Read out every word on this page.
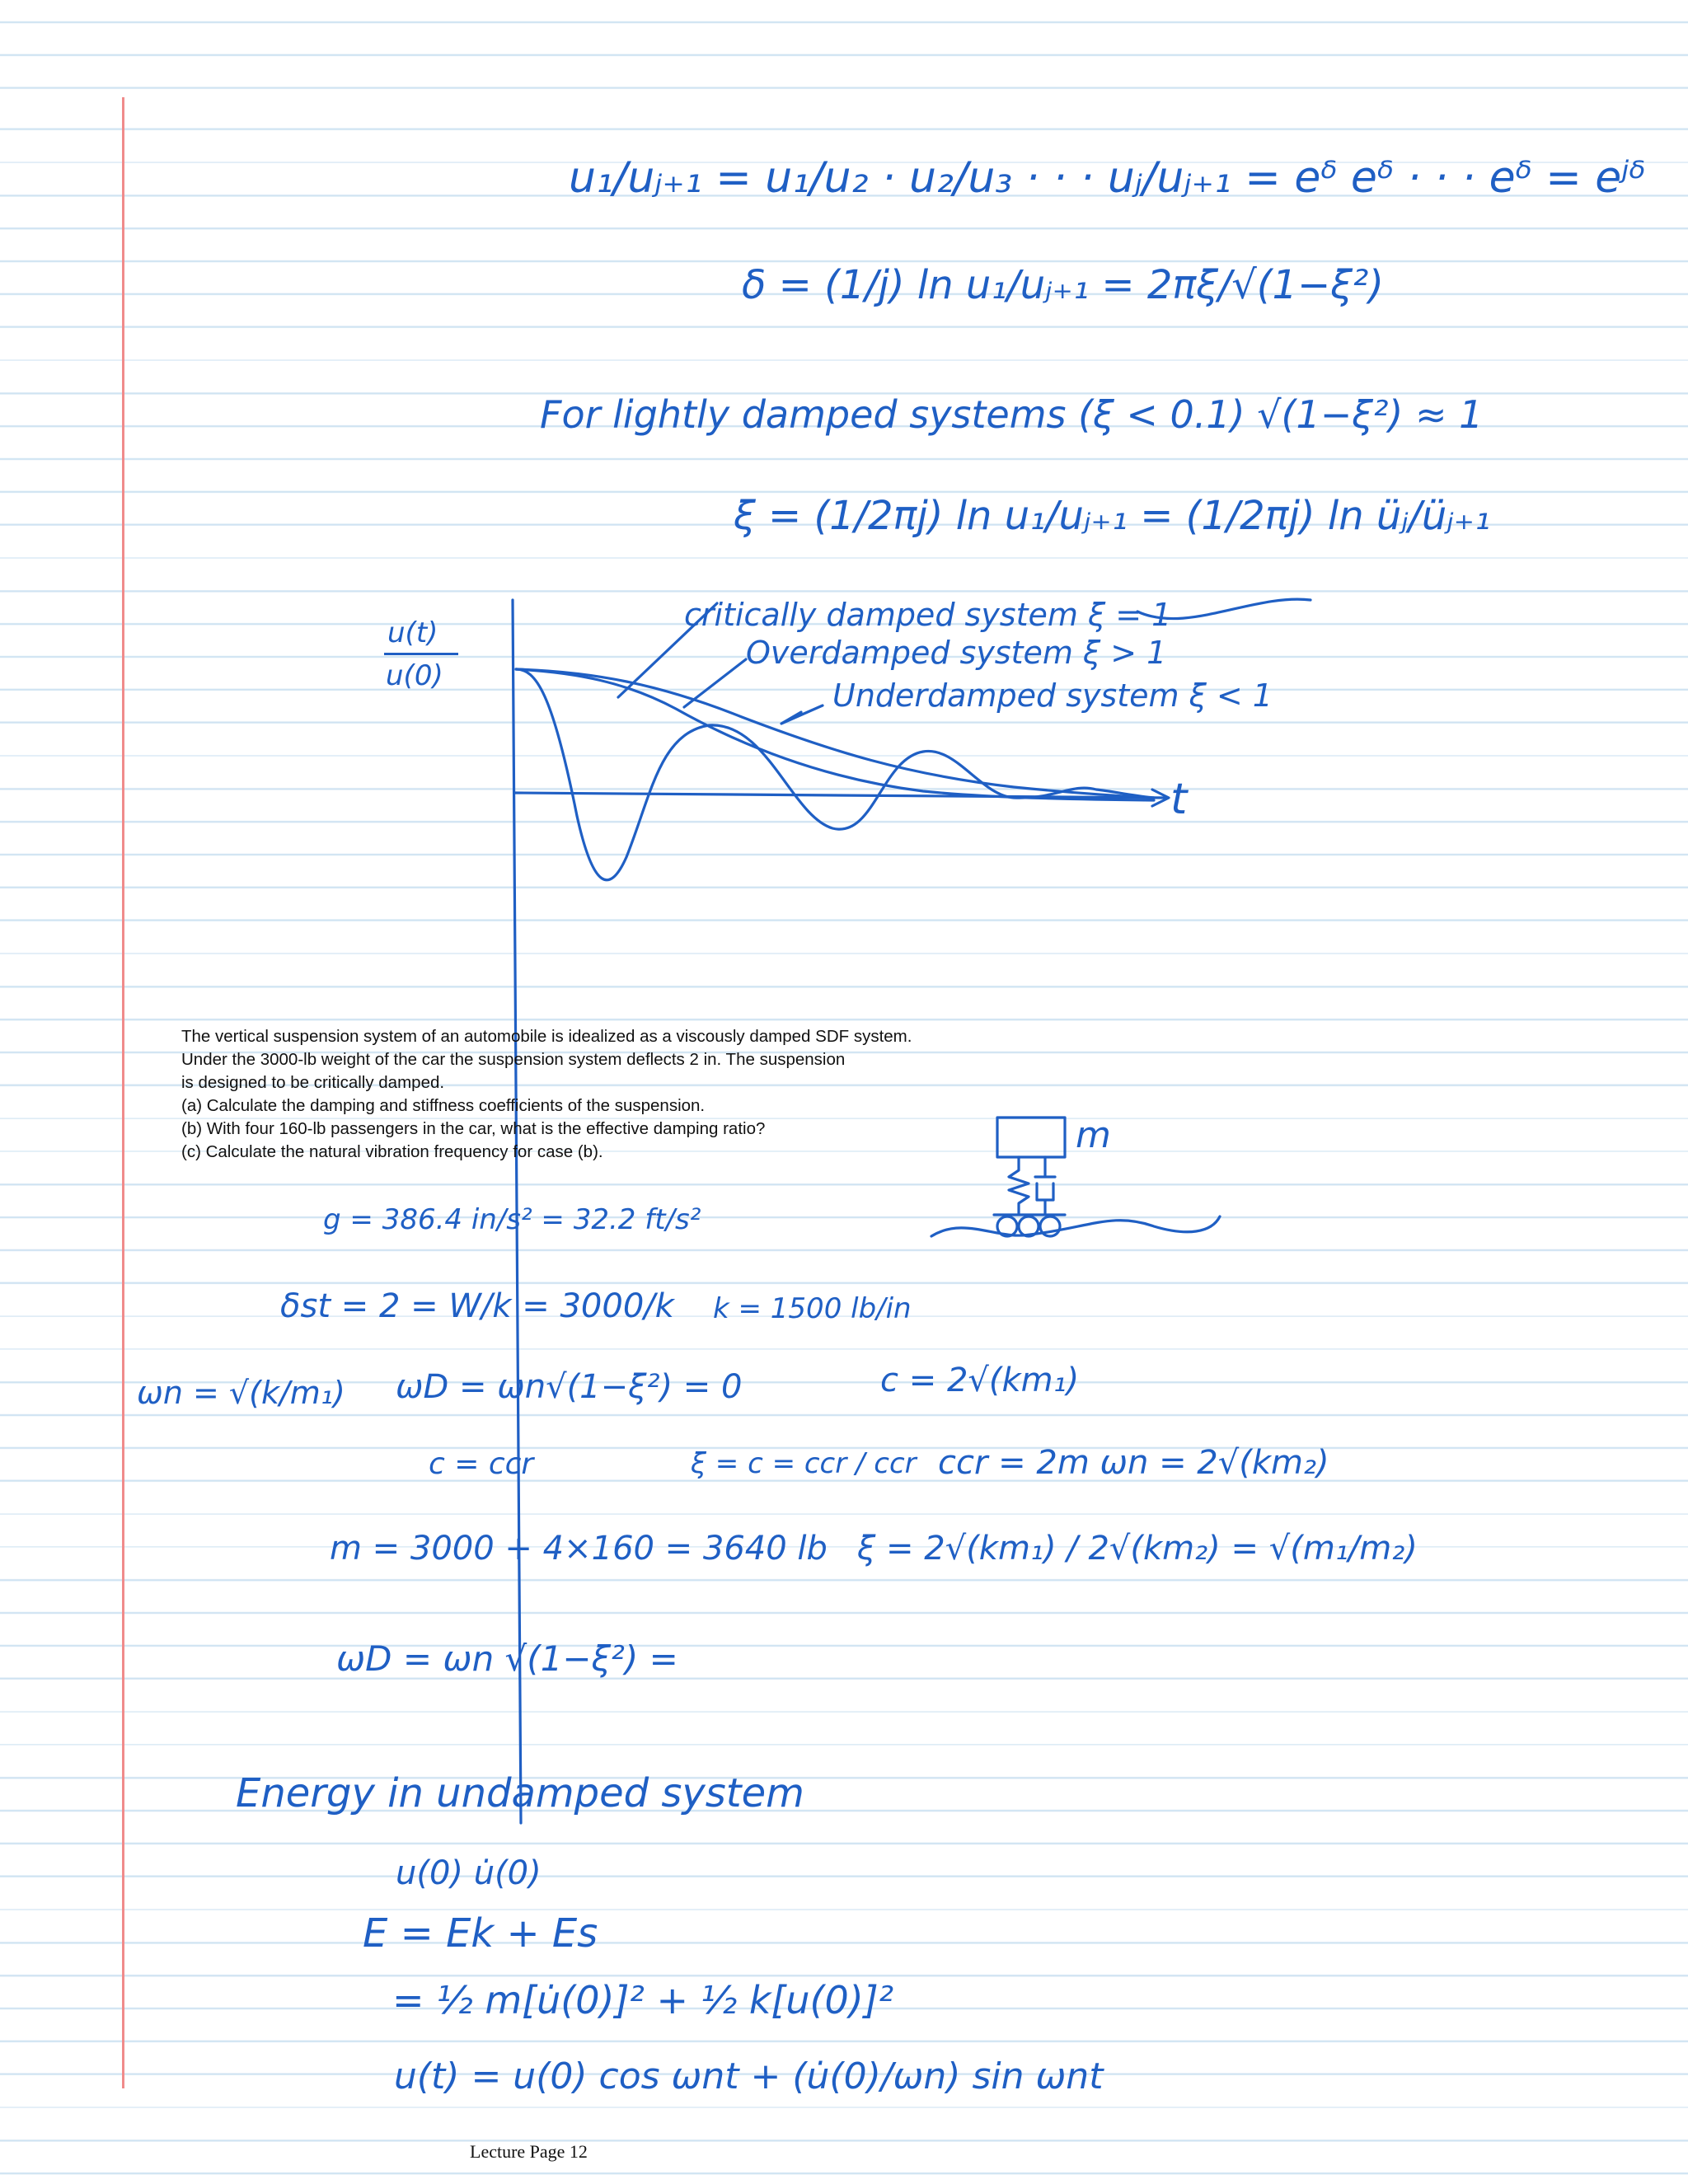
u₁/uⱼ₊₁ = u₁/u₂ · u₂/u₃ · · · uⱼ/uⱼ₊₁ = eᵟ eᵟ · · · eᵟ = eʲᵟ
δ = (1/j) ln u₁/uⱼ₊₁ = 2πξ/√(1−ξ²)
For lightly damped systems (ξ < 0.1) √(1−ξ²) ≈ 1
ξ = (1/2πj) ln u₁/uⱼ₊₁ = (1/2πj) ln üⱼ/üⱼ₊₁
u(t)
u(0)
t
critically damped system ξ = 1
Overdamped system ξ > 1
Underdamped system ξ < 1
The vertical suspension system of an automobile is idealized as a viscously damped SDF system.
Under the 3000-lb weight of the car the suspension system deflects 2 in. The suspension
is designed to be critically damped.
(a) Calculate the damping and stiffness coefficients of the suspension.
(b) With four 160-lb passengers in the car, what is the effective damping ratio?
(c) Calculate the natural vibration frequency for case (b).	m
g = 386.4 in/s² = 32.2 ft/s²
δst = 2 = W/k = 3000/k k = 1500 lb/in
ωn = √(k/m₁) ωD = ωn√(1−ξ²) = 0	c = 2√(km₁)
c = ccr	ξ = c = ccr / ccr ccr = 2m ωn = 2√(km₂)
m = 3000 + 4×160 = 3640 lb ξ = 2√(km₁) / 2√(km₂) = √(m₁/m₂)
ωD = ωn √(1−ξ²) =
Energy in undamped system
u(0) u̇(0)
E = Ek + Es
= ½ m[u̇(0)]² + ½ k[u(0)]²
u(t) = u(0) cos ωnt + (u̇(0)/ωn) sin ωnt
Lecture Page 12
